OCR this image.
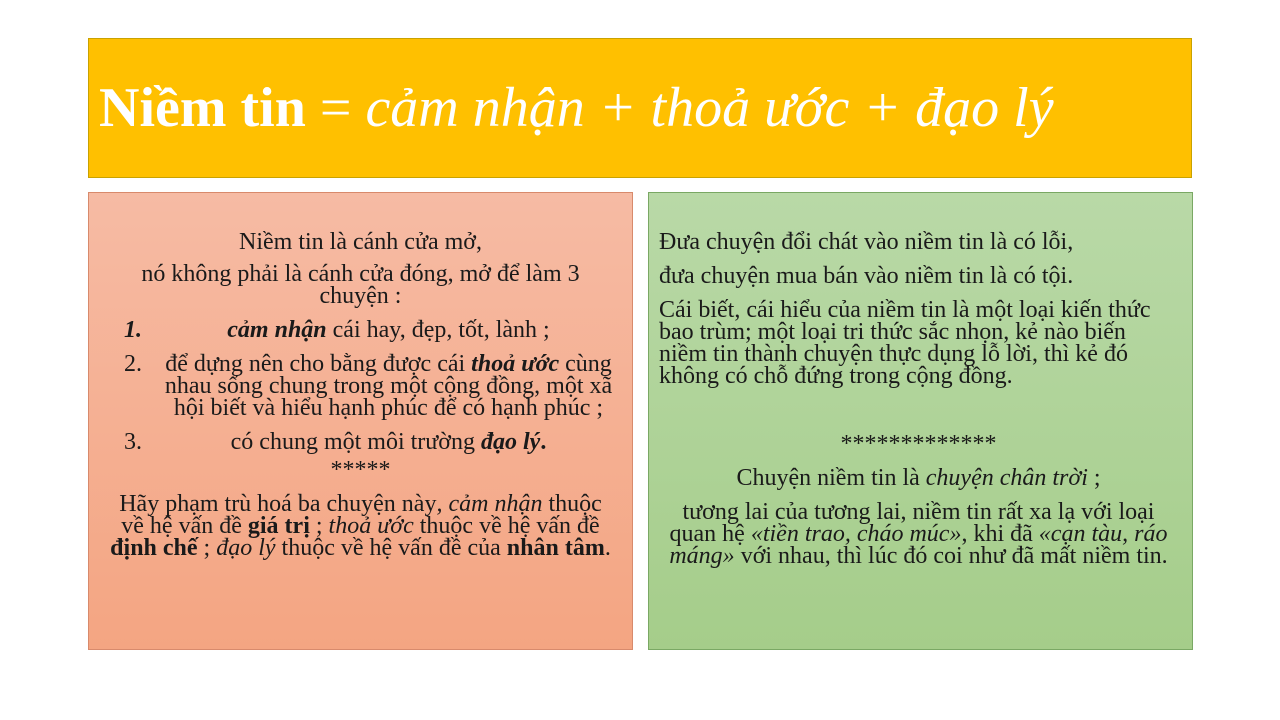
Niềm tin = cảm nhận + thoả ước + đạo lý

Niềm tin là cánh cửa mở,

nó không phải là cánh cửa đóng, mở để làm 3 chuyện :

1.	cảm nhận cái hay, đẹp, tốt, lành ;
2. để dựng nên cho bằng được cái thoả ước cùng nhau sống chung trong một cộng đồng, một xã hội biết và hiểu hạnh phúc để có hạnh phúc ;
3.	có chung một môi trường đạo lý.

*****

Hãy phạm trù hoá ba chuyện này, cảm nhận thuộc về hệ vấn đề giá trị ; thoả ước thuộc về hệ vấn đề định chế ; đạo lý thuộc về hệ vấn đề của nhân tâm.

Đưa chuyện đổi chát vào niềm tin là có lỗi,

đưa chuyện mua bán vào niềm tin là có tội.

Cái biết, cái hiểu của niềm tin là một loại kiến thức bao trùm; một loại tri thức sắc nhọn, kẻ nào biến niềm tin thành chuyện thực dụng lỗ lời, thì kẻ đó không có chỗ đứng trong cộng đồng.

*************

Chuyện niềm tin là chuyện chân trời ;

tương lai của tương lai, niềm tin rất xa lạ với loại quan hệ «tiền trao, cháo múc», khi đã «cạn tàu, ráo máng» với nhau, thì lúc đó coi như đã mất niềm tin.
